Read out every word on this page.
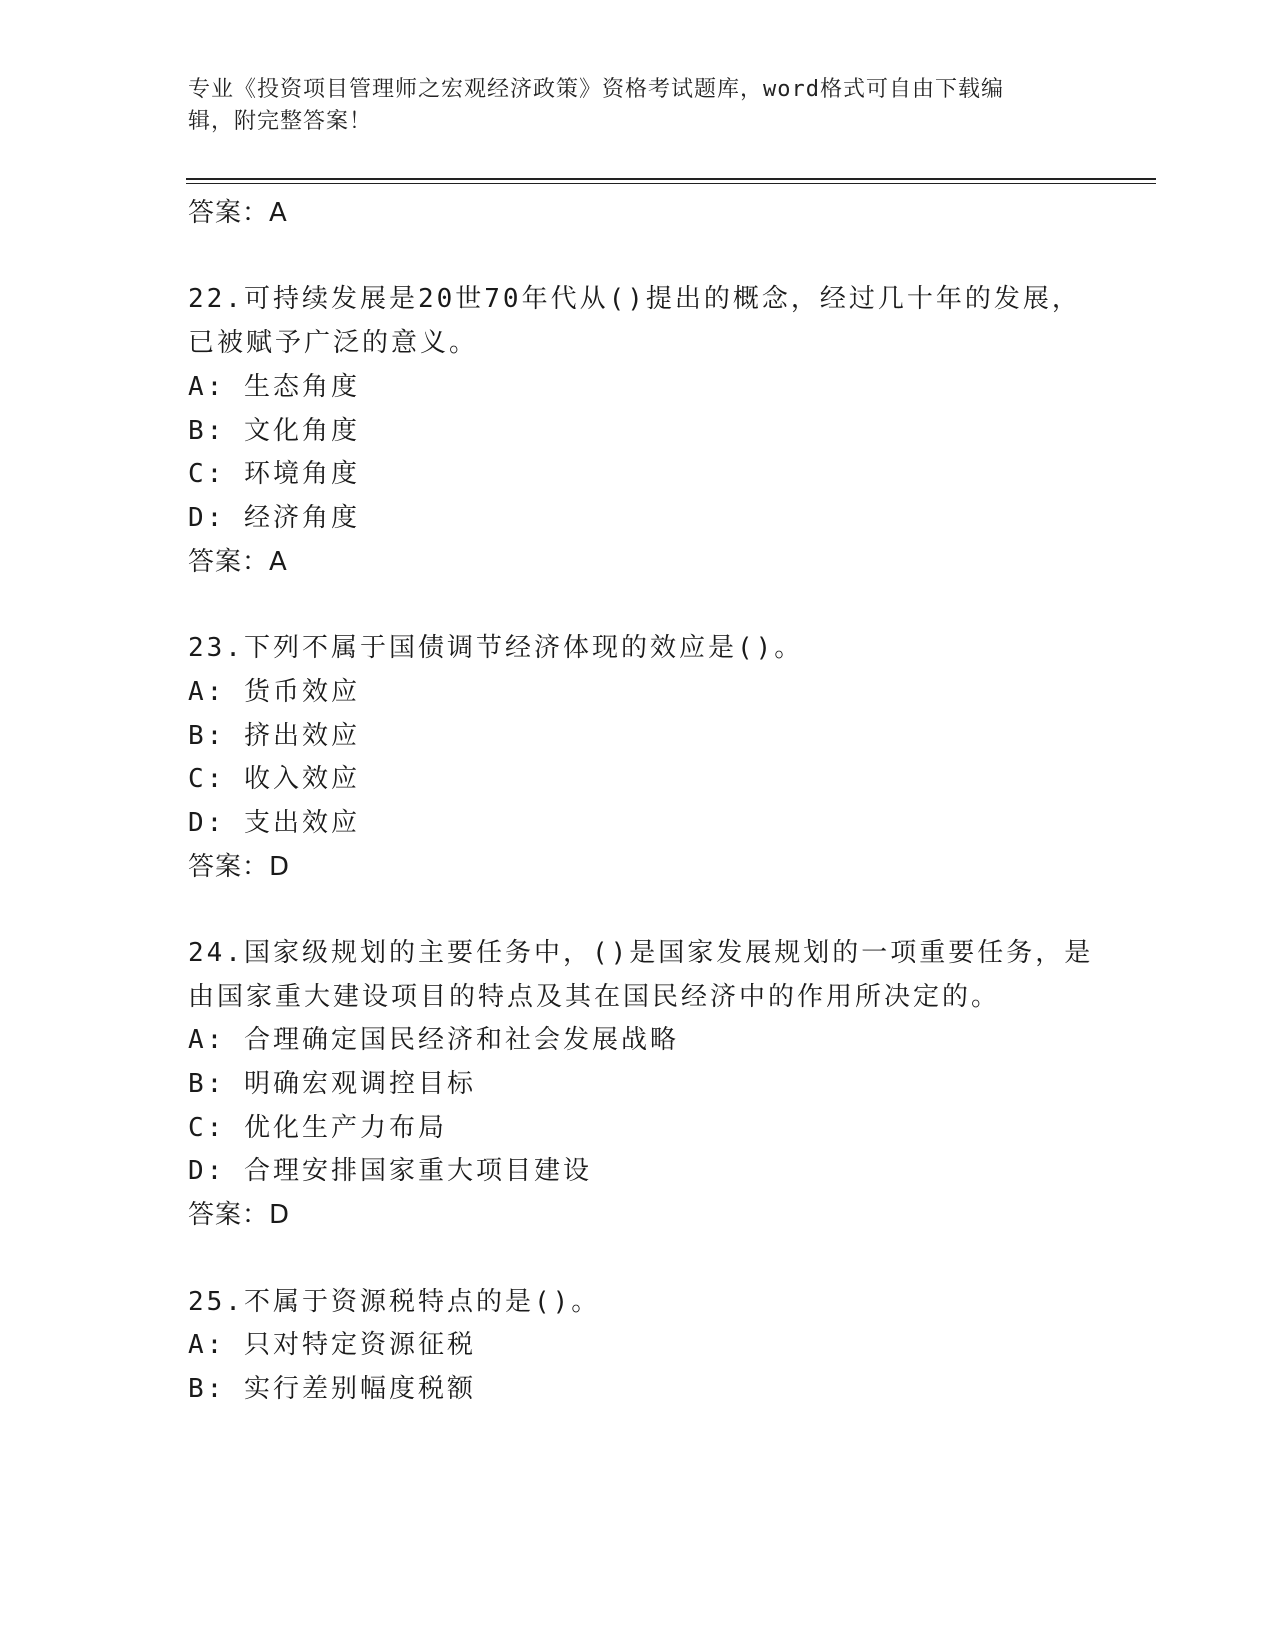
专业《投资项目管理师之宏观经济政策》资格考试题库，word格式可自由下载编
辑，附完整答案！
答案：A
22.可持续发展是20世70年代从()提出的概念，经过几十年的发展，
已被赋予广泛的意义。
A: 生态角度
B: 文化角度
C: 环境角度
D: 经济角度
答案：A
23.下列不属于国债调节经济体现的效应是()。
A: 货币效应
B: 挤出效应
C: 收入效应
D: 支出效应
答案：D
24.国家级规划的主要任务中，()是国家发展规划的一项重要任务，是
由国家重大建设项目的特点及其在国民经济中的作用所决定的。
A: 合理确定国民经济和社会发展战略
B: 明确宏观调控目标
C: 优化生产力布局
D: 合理安排国家重大项目建设
答案：D
25.不属于资源税特点的是()。
A: 只对特定资源征税
B: 实行差别幅度税额
